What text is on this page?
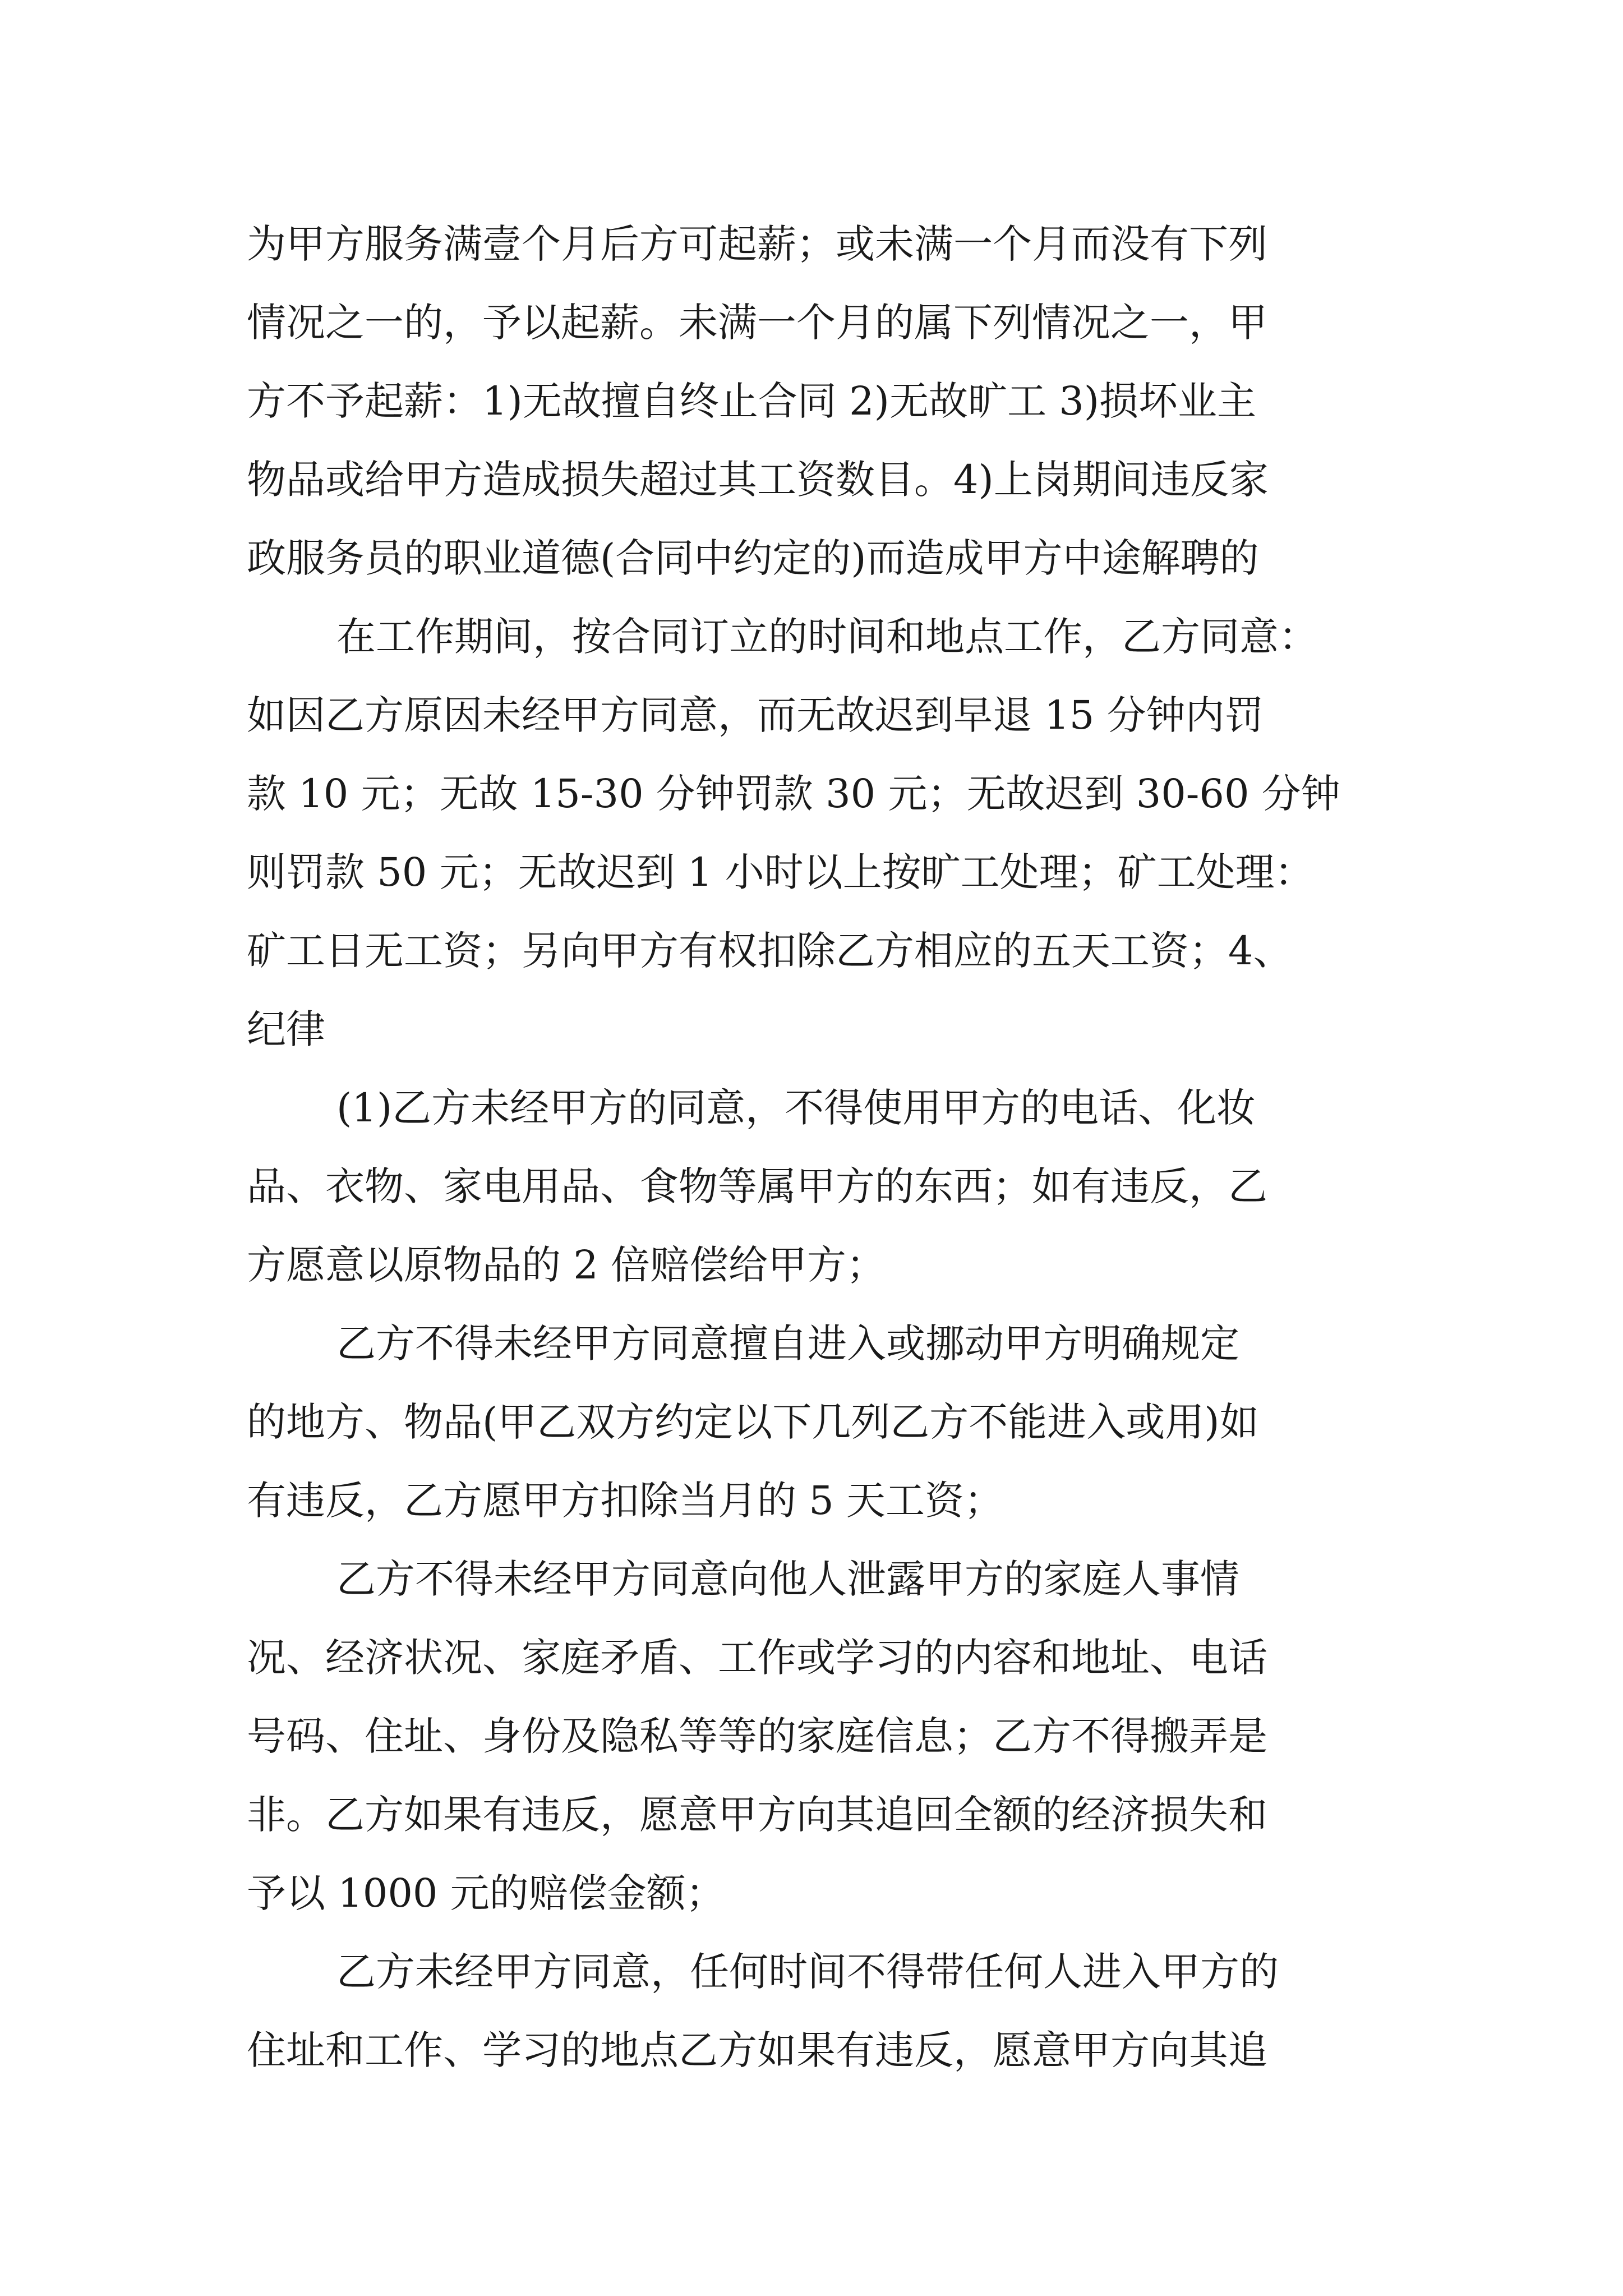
为甲方服务满壹个月后方可起薪；或未满一个月而没有下列
情况之一的，予以起薪。未满一个月的属下列情况之一，甲
方不予起薪：1)无故擅自终止合同 2)无故旷工 3)损坏业主
物品或给甲方造成损失超过其工资数目。4)上岗期间违反家
政服务员的职业道德(合同中约定的)而造成甲方中途解聘的
在工作期间，按合同订立的时间和地点工作，乙方同意：
如因乙方原因未经甲方同意，而无故迟到早退 15 分钟内罚
款 10 元；无故 15-30 分钟罚款 30 元；无故迟到 30-60 分钟
则罚款 50 元；无故迟到 1 小时以上按旷工处理；矿工处理：
矿工日无工资；另向甲方有权扣除乙方相应的五天工资；4、
纪律
(1)乙方未经甲方的同意，不得使用甲方的电话、化妆
品、衣物、家电用品、食物等属甲方的东西；如有违反，乙
方愿意以原物品的 2 倍赔偿给甲方；
乙方不得未经甲方同意擅自进入或挪动甲方明确规定
的地方、物品(甲乙双方约定以下几列乙方不能进入或用)如
有违反，乙方愿甲方扣除当月的 5 天工资；
乙方不得未经甲方同意向他人泄露甲方的家庭人事情
况、经济状况、家庭矛盾、工作或学习的内容和地址、电话
号码、住址、身份及隐私等等的家庭信息；乙方不得搬弄是
非。乙方如果有违反，愿意甲方向其追回全额的经济损失和
予以 1000 元的赔偿金额；
乙方未经甲方同意，任何时间不得带任何人进入甲方的
住址和工作、学习的地点乙方如果有违反，愿意甲方向其追
